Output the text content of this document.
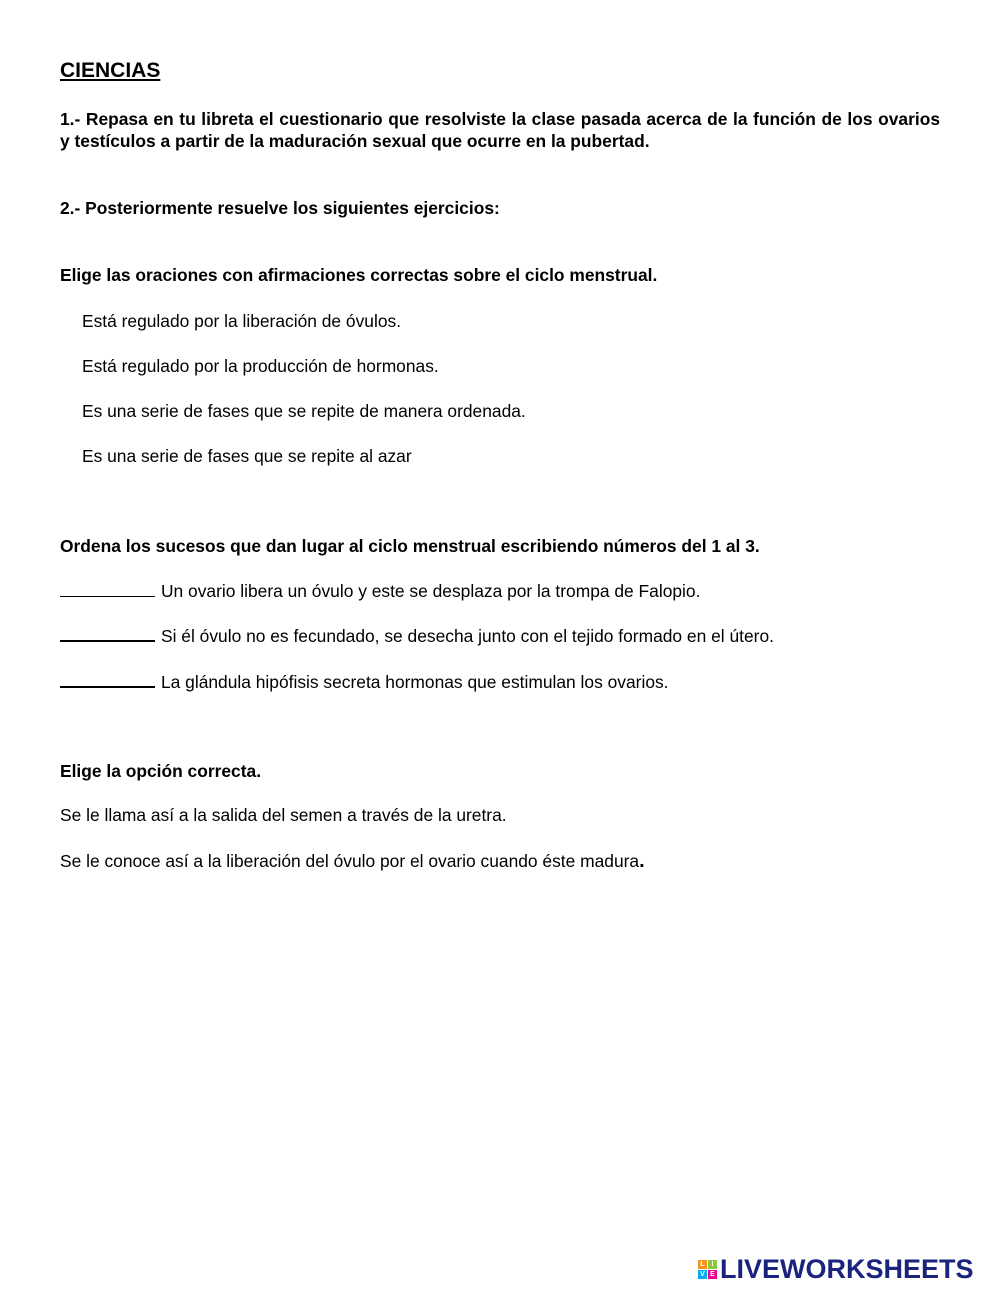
CIENCIAS
1.- Repasa en tu libreta el cuestionario que resolviste la clase pasada acerca de la función de los ovarios y testículos a partir de la maduración sexual que ocurre en la pubertad.
2.- Posteriormente resuelve los siguientes ejercicios:
Elige las oraciones con afirmaciones correctas sobre el ciclo menstrual.
Está regulado por la liberación de óvulos.
Está regulado por la producción de hormonas.
Es una serie de fases que se repite de manera ordenada.
Es una serie de fases que se repite al azar
Ordena los sucesos que dan lugar al ciclo menstrual escribiendo números del 1 al 3.
Un ovario libera un óvulo y este se desplaza por la trompa de Falopio.
Si él óvulo no es fecundado, se desecha junto con el tejido formado en el útero.
La glándula hipófisis secreta hormonas que estimulan los ovarios.
Elige la opción correcta.
Se le llama así a la salida del semen a través de la uretra.
Se le conoce así a la liberación del óvulo por el ovario cuando éste madura.
L I
V E LIVEWORKSHEETS
